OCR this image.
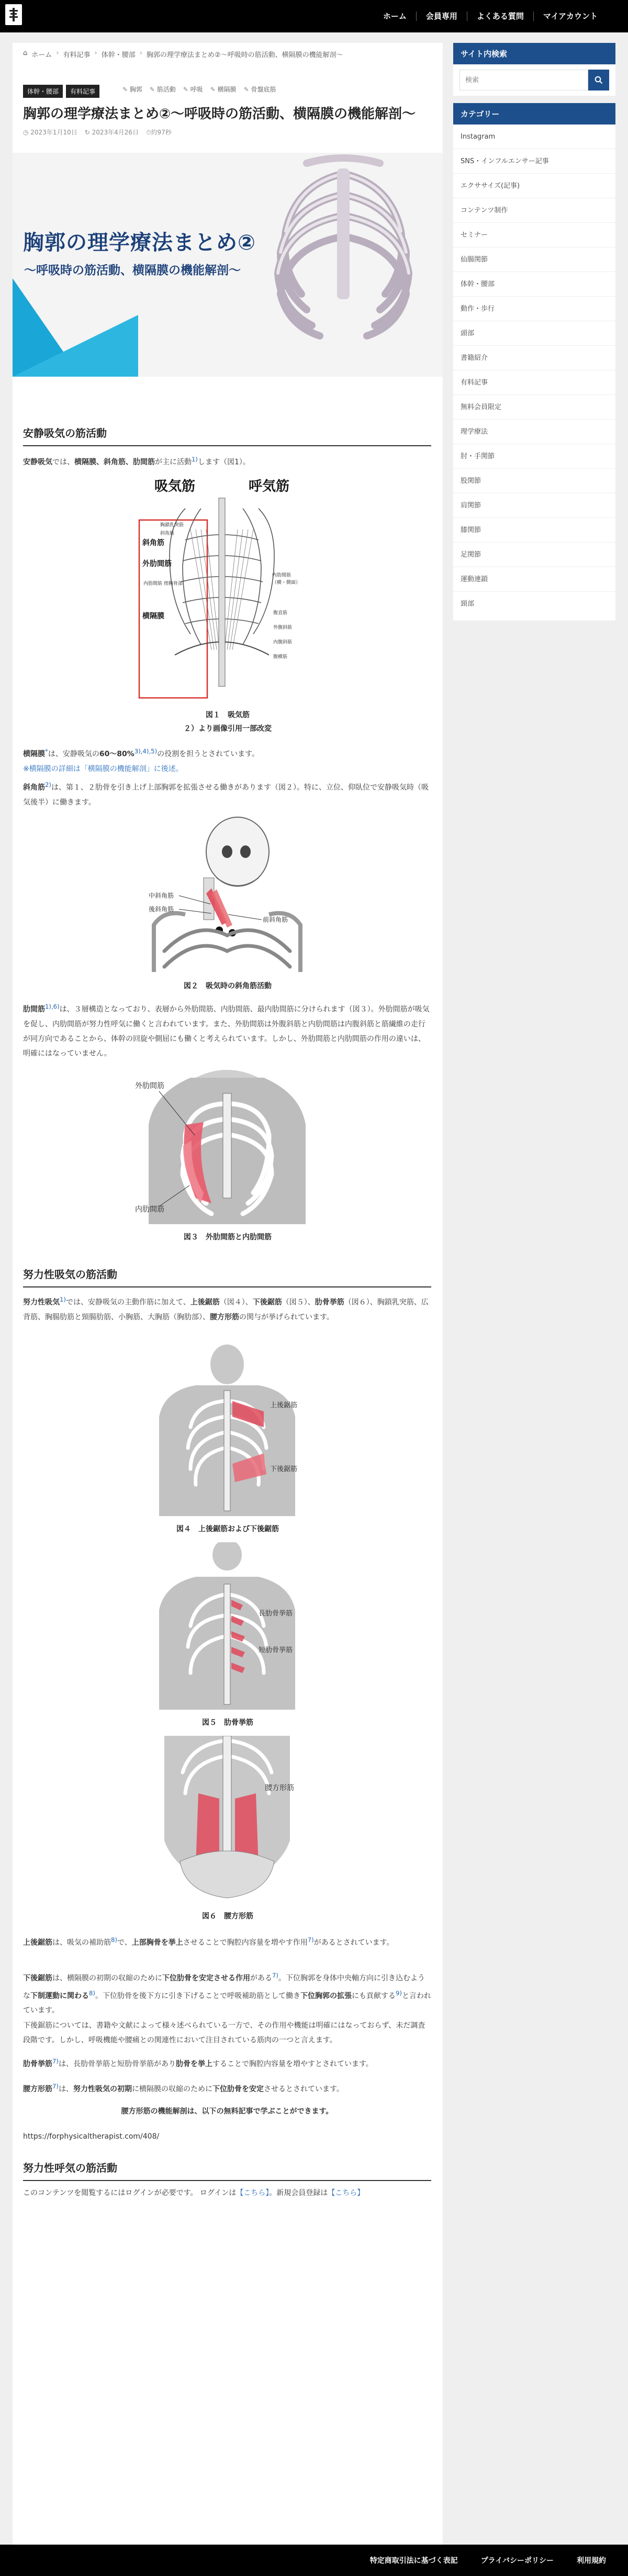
ホーム	会員専用	よくある質問	マイアカウント
⌂ ホーム › 有料記事 › 体幹・腰部 › 胸郭の理学療法まとめ②〜呼吸時の筋活動、横隔膜の機能解剖〜
体幹・腰部	有料記事	✎ 胸郭	✎ 筋活動	✎ 呼吸	✎ 横隔膜	✎ 骨盤底筋
胸郭の理学療法まとめ②〜呼吸時の筋活動、横隔膜の機能解剖〜
◷ 2023年1月10日 ↻ 2023年4月26日 ⏱約97秒
胸郭の理学療法まとめ②
〜呼吸時の筋活動、横隔膜の機能解剖〜
安静吸気の筋活動

安静吸気では、横隔膜、斜角筋、肋間筋が主に活動$^{1)}$します（図1）。

吸気筋	呼気筋
胸鎖乳突筋
斜角筋
内肋間筋 傍胸骨部
内肋間筋
（横・側面）
腹直筋
外腹斜筋
内腹斜筋
腹横筋
斜角筋
外肋間筋
横隔膜
図１　吸気筋
２）より画像引用一部改変

横隔膜*は、安静吸気の60〜80%$^{3),4),5)}$の役割を担うとされています。
※横隔膜の詳細は「横隔膜の機能解剖」に後述。

斜角筋$^{2)}$は、第１、２肋骨を引き上げ上部胸郭を拡張させる働きがあります（図２）。特に、立位、仰臥位で安静吸気時（吸気後半）に働きます。

中斜角筋
後斜角筋
前斜角筋
図２　吸気時の斜角筋活動

肋間筋$^{1),6)}$は、３層構造となっており、表層から外肋間筋、内肋間筋、最内肋間筋に分けられます（図３）。外肋間筋が吸気を促し、内肋間筋が努力性呼気に働くと言われています。また、外肋間筋は外腹斜筋と内肋間筋は内腹斜筋と筋繊維の走行が同方向であることから、体幹の回旋や側屈にも働くと考えられています。しかし、外肋間筋と内肋間筋の作用の違いは、明確にはなっていません。

外肋間筋
内肋間筋
図３　外肋間筋と内肋間筋
努力性吸気の筋活動

努力性吸気$^{1)}$では、安静吸気の主動作筋に加えて、上後鋸筋（図４）、下後鋸筋（図５）、肋骨挙筋（図６）、胸鎖乳突筋、広背筋、胸腸肋筋と頸腸肋筋、小胸筋、大胸筋（胸肋部）、腰方形筋の関与が挙げられています。

上後鋸筋
下後鋸筋
図４　上後鋸筋および下後鋸筋
長肋骨挙筋
短肋骨挙筋
図５　肋骨挙筋
腰方形筋
図６　腰方形筋

上後鋸筋は、吸気の補助筋$^{8)}$で、上部胸骨を挙上させることで胸腔内容量を増やす作用$^{7)}$があるとされています。

下後鋸筋は、横隔膜の初期の収縮のために下位肋骨を安定させる作用がある$^{7)}$。下位胸郭を身体中央軸方向に引き込むような下制運動に関わる$^{8)}$。下位肋骨を後下方に引き下げることで呼吸補助筋として働き下位胸郭の拡張にも貢献する$^{9)}$と言われています。

下後鋸筋については、書籍や文献によって様々述べられている一方で、その作用や機能は明確にはなっておらず、未だ調査段階です。しかし、呼吸機能や腰痛との関連性において注目されている筋肉の一つと言えます。

肋骨挙筋$^{7)}$は、長肋骨挙筋と短肋骨挙筋があり肋骨を挙上することで胸腔内容量を増やすとされています。

腰方形筋$^{7)}$は、努力性吸気の初期に横隔膜の収縮のために下位肋骨を安定させるとされています。

腰方形筋の機能解剖は、以下の無料記事で学ぶことができます。

https://forphysicaltherapist.com/408/
努力性呼気の筋活動

このコンテンツを閲覧するにはログインが必要です。 ログインは【こちら】。新規会員登録は【こちら】

サイト内検索
検索
カテゴリー
Instagram
SNS・インフルエンサー記事
エクササイズ(記事)
コンテンツ制作
セミナー
仙腸関節
体幹・腰部
動作・歩行
頭部
書籍紹介
有料記事
無料会員限定
理学療法
肘・手関節
股関節
肩関節
膝関節
足関節
運動連鎖
頸部
特定商取引法に基づく表記	プライバシーポリシー	利用規約
